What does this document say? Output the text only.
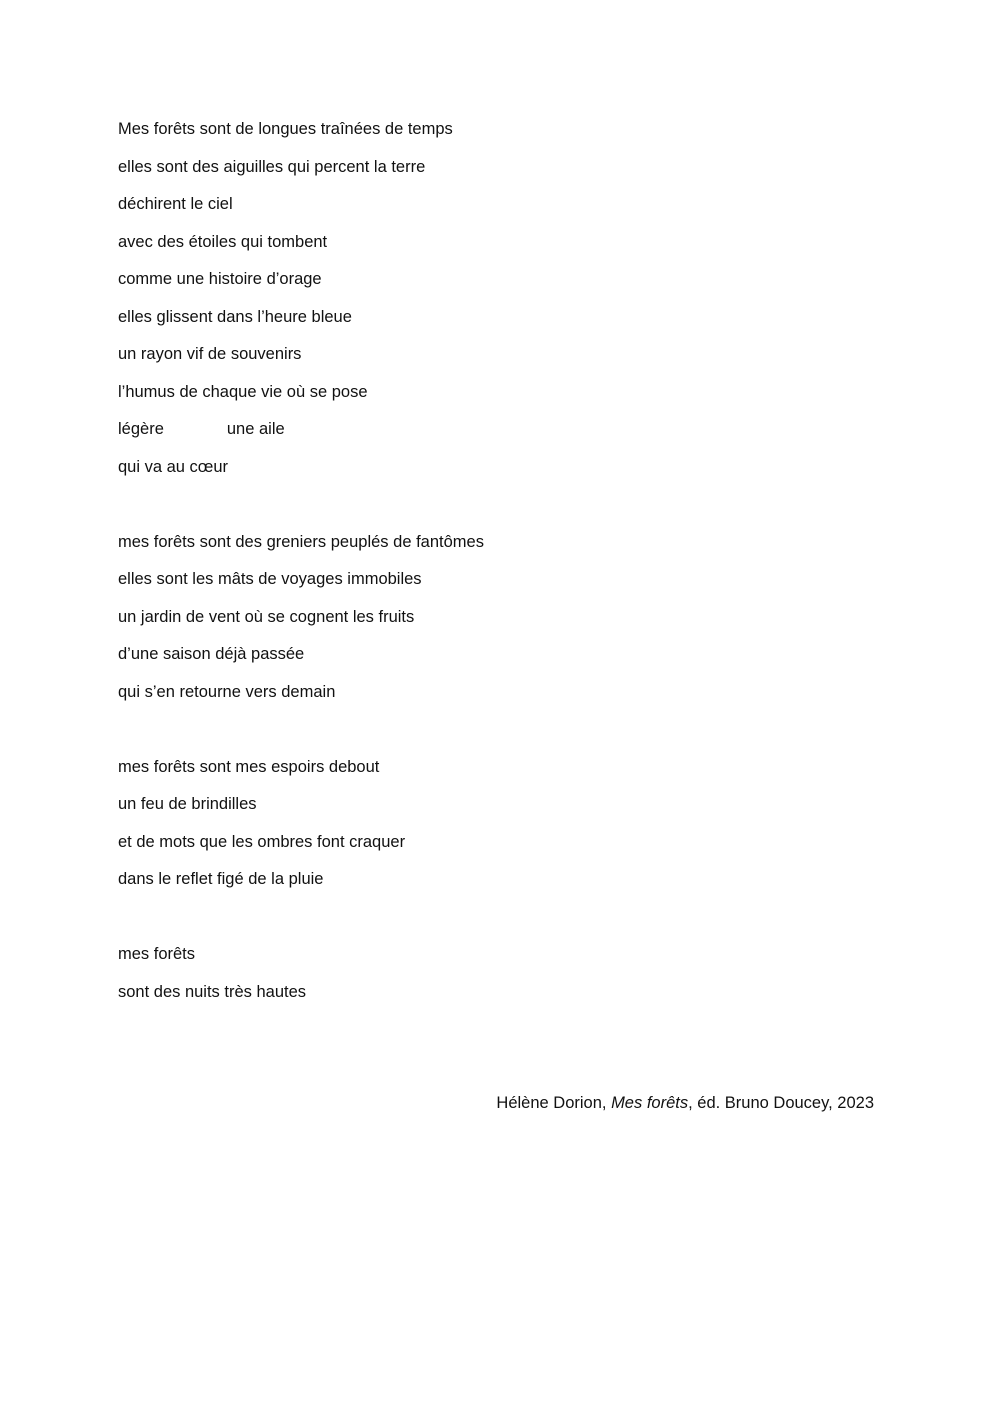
Mes forêts sont de longues traînées de temps
elles sont des aiguilles qui percent la terre
déchirent le ciel
avec des étoiles qui tombent
comme une histoire d’orage
elles glissent dans l’heure bleue
un rayon vif de souvenirs
l’humus de chaque vie où se pose
légère	une aile
qui va au cœur
mes forêts sont des greniers peuplés de fantômes
elles sont les mâts de voyages immobiles
un jardin de vent où se cognent les fruits
d’une saison déjà passée
qui s’en retourne vers demain
mes forêts sont mes espoirs debout
un feu de brindilles
et de mots que les ombres font craquer
dans le reflet figé de la pluie
mes forêts
sont des nuits très hautes
Hélène Dorion, Mes forêts, éd. Bruno Doucey, 2023
